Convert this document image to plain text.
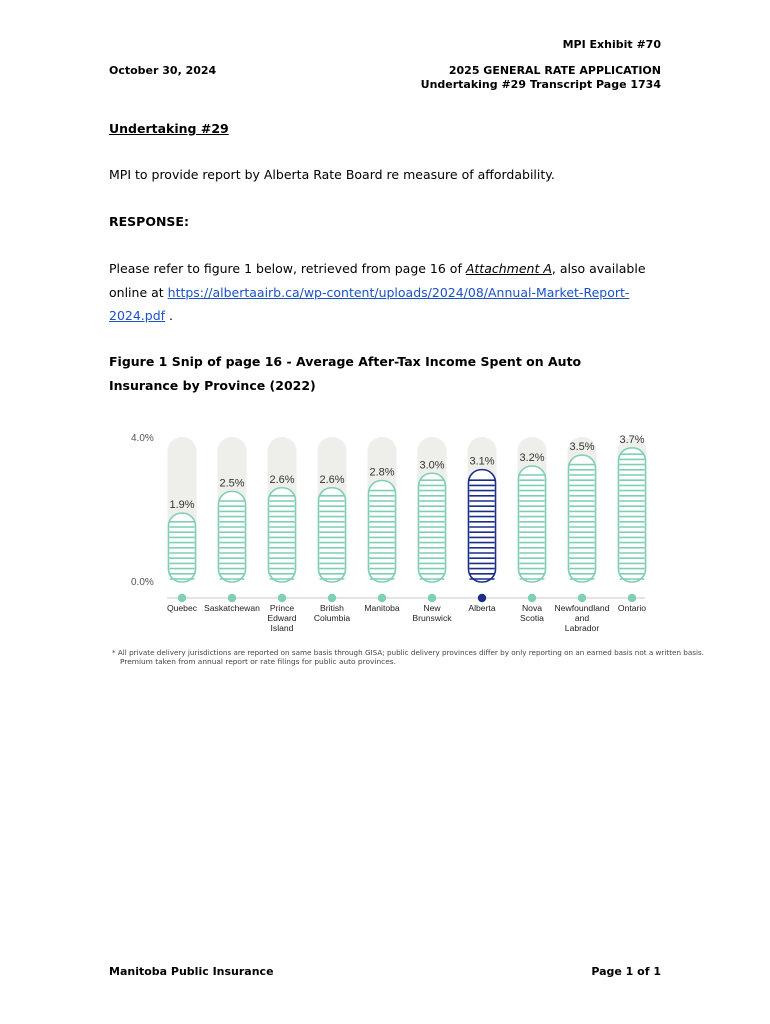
MPI Exhibit #70
October 30, 2024	2025 GENERAL RATE APPLICATION
Undertaking #29 Transcript Page 1734
Undertaking #29
MPI to provide report by Alberta Rate Board re measure of affordability.
RESPONSE:
Please refer to figure 1 below, retrieved from page 16 of Attachment A, also available
online at https://albertaairb.ca/wp-content/uploads/2024/08/Annual-Market-Report-
2024.pdf .
Figure 1 Snip of page 16 - Average After-Tax Income Spent on Auto
Insurance by Province (2022)
4.0%
0.0%
1.9%
Quebec
2.5%
Saskatchewan
2.6%
Prince
Edward
Island
2.6%
British
Columbia
2.8%
Manitoba
3.0%
New
Brunswick
3.1%
Alberta
3.2%
Nova
Scotia
3.5%
Newfoundland
and
Labrador
3.7%
Ontario
* All private delivery jurisdictions are reported on same basis through GISA; public delivery provinces differ by only reporting on an earned basis not a written basis.
Premium taken from annual report or rate filings for public auto provinces.
Manitoba Public Insurance	Page 1 of 1
